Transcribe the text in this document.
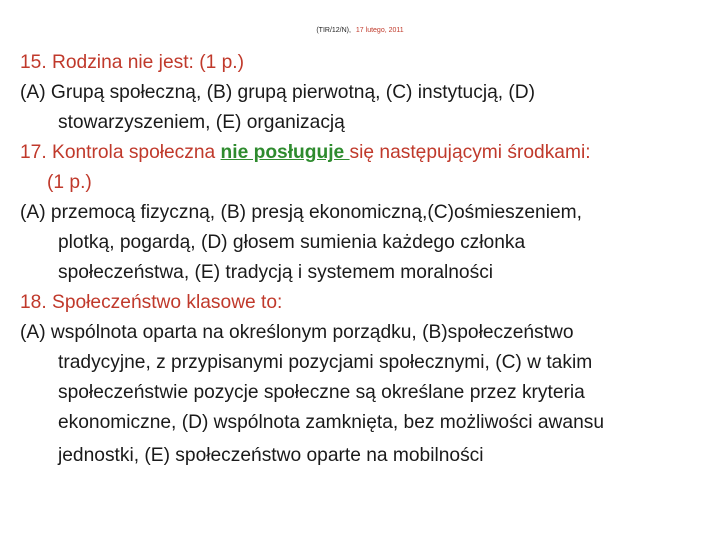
(TIR/12/N), 17 lutego, 2011
15. Rodzina nie jest: (1 p.)
(A) Grupą społeczną, (B) grupą pierwotną, (C) instytucją, (D)
stowarzyszeniem, (E) organizacją
17. Kontrola społeczna nie posługuje się następującymi środkami:
(1 p.)
(A) przemocą fizyczną, (B) presją ekonomiczną,(C)ośmieszeniem,
plotką, pogardą, (D) głosem sumienia każdego członka
społeczeństwa, (E) tradycją i systemem moralności
18. Społeczeństwo klasowe to:
(A) wspólnota oparta na określonym porządku, (B)społeczeństwo
tradycyjne, z przypisanymi pozycjami społecznymi, (C) w takim
społeczeństwie pozycje społeczne są określane przez kryteria
ekonomiczne, (D) wspólnota zamknięta, bez możliwości awansu
jednostki, (E) społeczeństwo oparte na mobilności
